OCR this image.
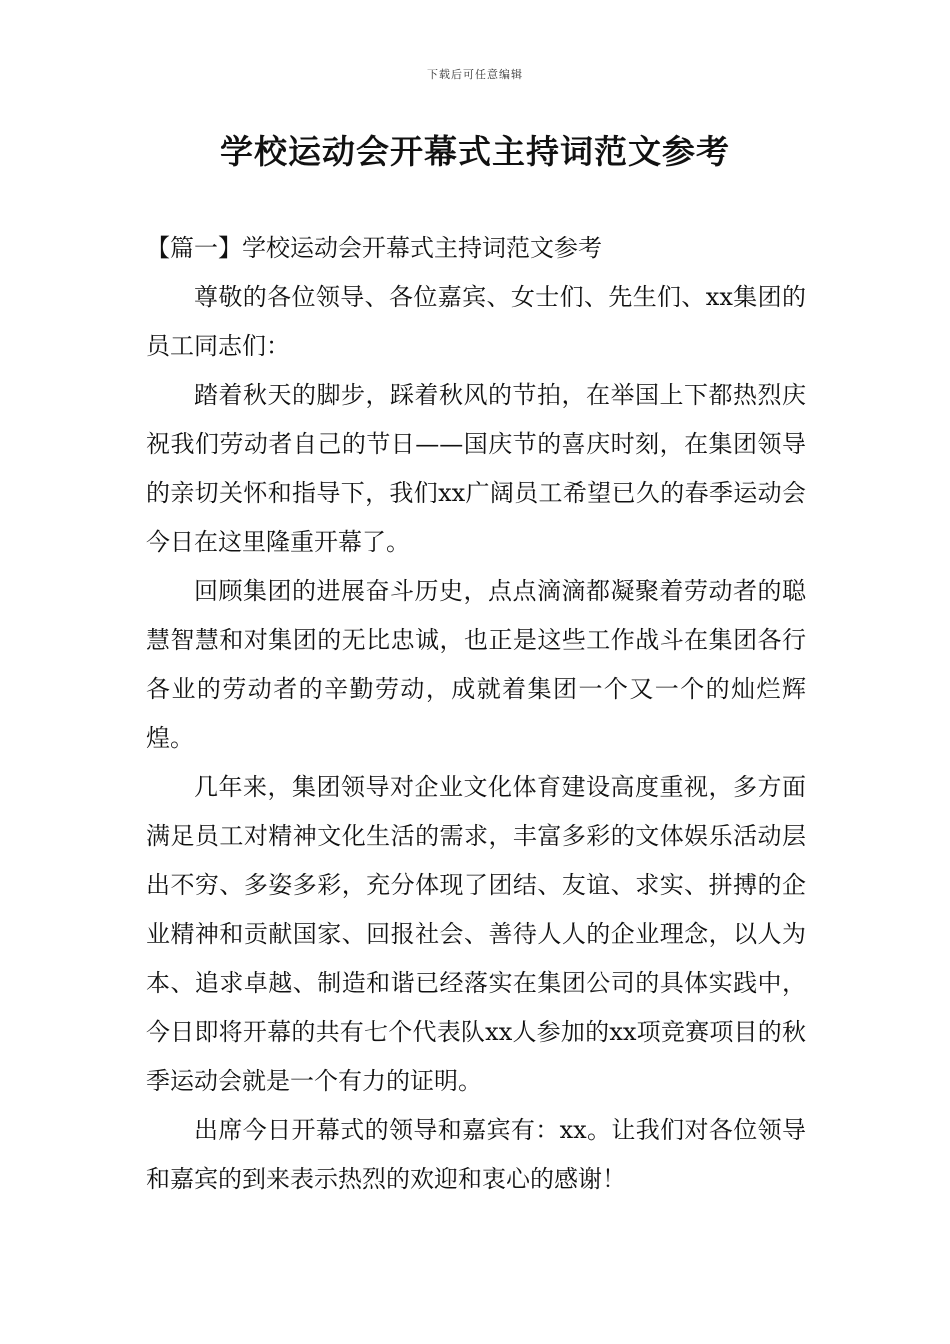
下载后可任意编辑
学校运动会开幕式主持词范文参考

【篇一】学校运动会开幕式主持词范文参考

尊敬的各位领导、各位嘉宾、女士们、先生们、xx集团的员工同志们：

踏着秋天的脚步，踩着秋风的节拍，在举国上下都热烈庆祝我们劳动者自己的节日——国庆节的喜庆时刻，在集团领导的亲切关怀和指导下，我们xx广阔员工希望已久的春季运动会今日在这里隆重开幕了。

回顾集团的进展奋斗历史，点点滴滴都凝聚着劳动者的聪慧智慧和对集团的无比忠诚，也正是这些工作战斗在集团各行各业的劳动者的辛勤劳动，成就着集团一个又一个的灿烂辉煌。

几年来，集团领导对企业文化体育建设高度重视，多方面满足员工对精神文化生活的需求，丰富多彩的文体娱乐活动层出不穷、多姿多彩，充分体现了团结、友谊、求实、拼搏的企业精神和贡献国家、回报社会、善待人人的企业理念，以人为本、追求卓越、制造和谐已经落实在集团公司的具体实践中，今日即将开幕的共有七个代表队xx人参加的xx项竞赛项目的秋季运动会就是一个有力的证明。

出席今日开幕式的领导和嘉宾有：xx。让我们对各位领导和嘉宾的到来表示热烈的欢迎和衷心的感谢！
